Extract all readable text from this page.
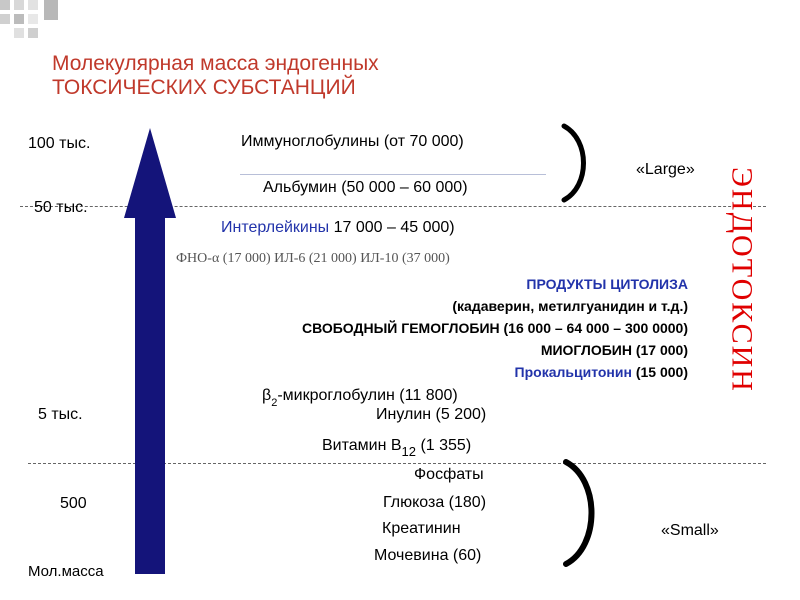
Молекулярная масса эндогенных
ТОКСИЧЕСКИХ СУБСТАНЦИЙ
100 тыс.
50 тыс.
5 тыс.
500
Мол.масса
Иммуноглобулины (от 70 000)
Альбумин (50 000 – 60 000)
Интерлейкины 17 000 – 45 000)
ФНО-α (17 000) ИЛ-6 (21 000) ИЛ-10 (37 000)
ПРОДУКТЫ ЦИТОЛИЗА
(кадаверин, метилгуанидин и т.д.)
СВОБОДНЫЙ ГЕМОГЛОБИН (16 000 – 64 000 – 300 0000)
МИОГЛОБИН (17 000)
Прокальцитонин (15 000)
$\beta_2$-микроглобулин (11 800)
Инулин (5 200)
Витамин $B_{12}$ (1 355)
Фосфаты
Глюкоза (180)
Креатинин
Мочевина (60)
«Large»
«Small»
ЭНДОТОКСИН
